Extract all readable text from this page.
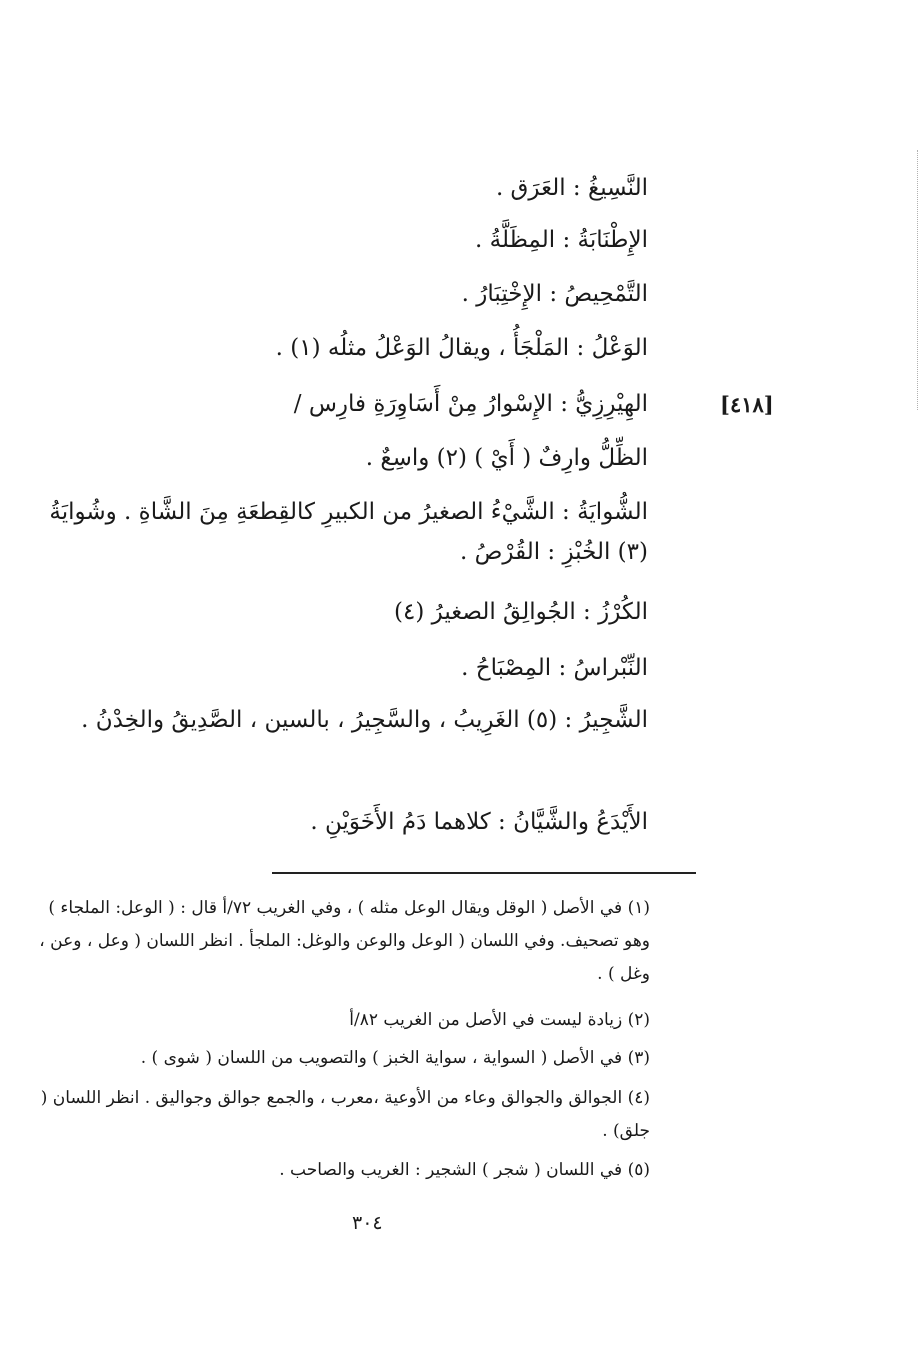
النَّسِيغُ : العَرَق .
الإِطْنَابَةُ : المِظَلَّةُ .
التَّمْحِيصُ : الإِخْتِبَارُ .
الوَعْلُ : المَلْجَأُ ، ويقالُ الوَعْلُ مثلُه (١) .
الهِيْرِزِيُّ : الإِسْوارُ مِنْ أَسَاوِرَةِ فارِس /	[٤١٨]
الظِّلُّ وارِفٌ ( أَيْ ) (٢) واسِعٌ .
الشُّوايَةُ : الشَّيْءُ الصغيرُ من الكبيرِ كالقِطعَةِ مِنَ الشَّاةِ . وشُوايَةُ (٣) الخُبْزِ : القُرْصُ .
الكُرْزُ : الجُوالِقُ الصغيرُ (٤)
النِّبْراسُ : المِصْبَاحُ .
الشَّجِيرُ : (٥) الغَرِيبُ ، والسَّجِيرُ ، بالسين ، الصَّدِيقُ والخِدْنُ .
الأَيْدَعُ والشَّيَّانُ : كلاهما دَمُ الأَخَوَيْنِ .
(١) في الأصل ( الوقل ويقال الوعل مثله ) ، وفي الغريب ٧٢/أ قال : ( الوعل: الملجاء ) وهو تصحيف. وفي اللسان ( الوعل والوعن والوغل: الملجأ . انظر اللسان ( وعل ، وعن ، وغل ) .
(٢) زيادة ليست في الأصل من الغريب ٨٢/أ
(٣) في الأصل ( السواية ، سواية الخبز ) والتصويب من اللسان ( شوى ) .
(٤) الجوالق والجوالق وعاء من الأوعية ،معرب ، والجمع جوالق وجواليق . انظر اللسان ( جلق) .
(٥) في اللسان ( شجر ) الشجير : الغريب والصاحب .
٣٠٤
